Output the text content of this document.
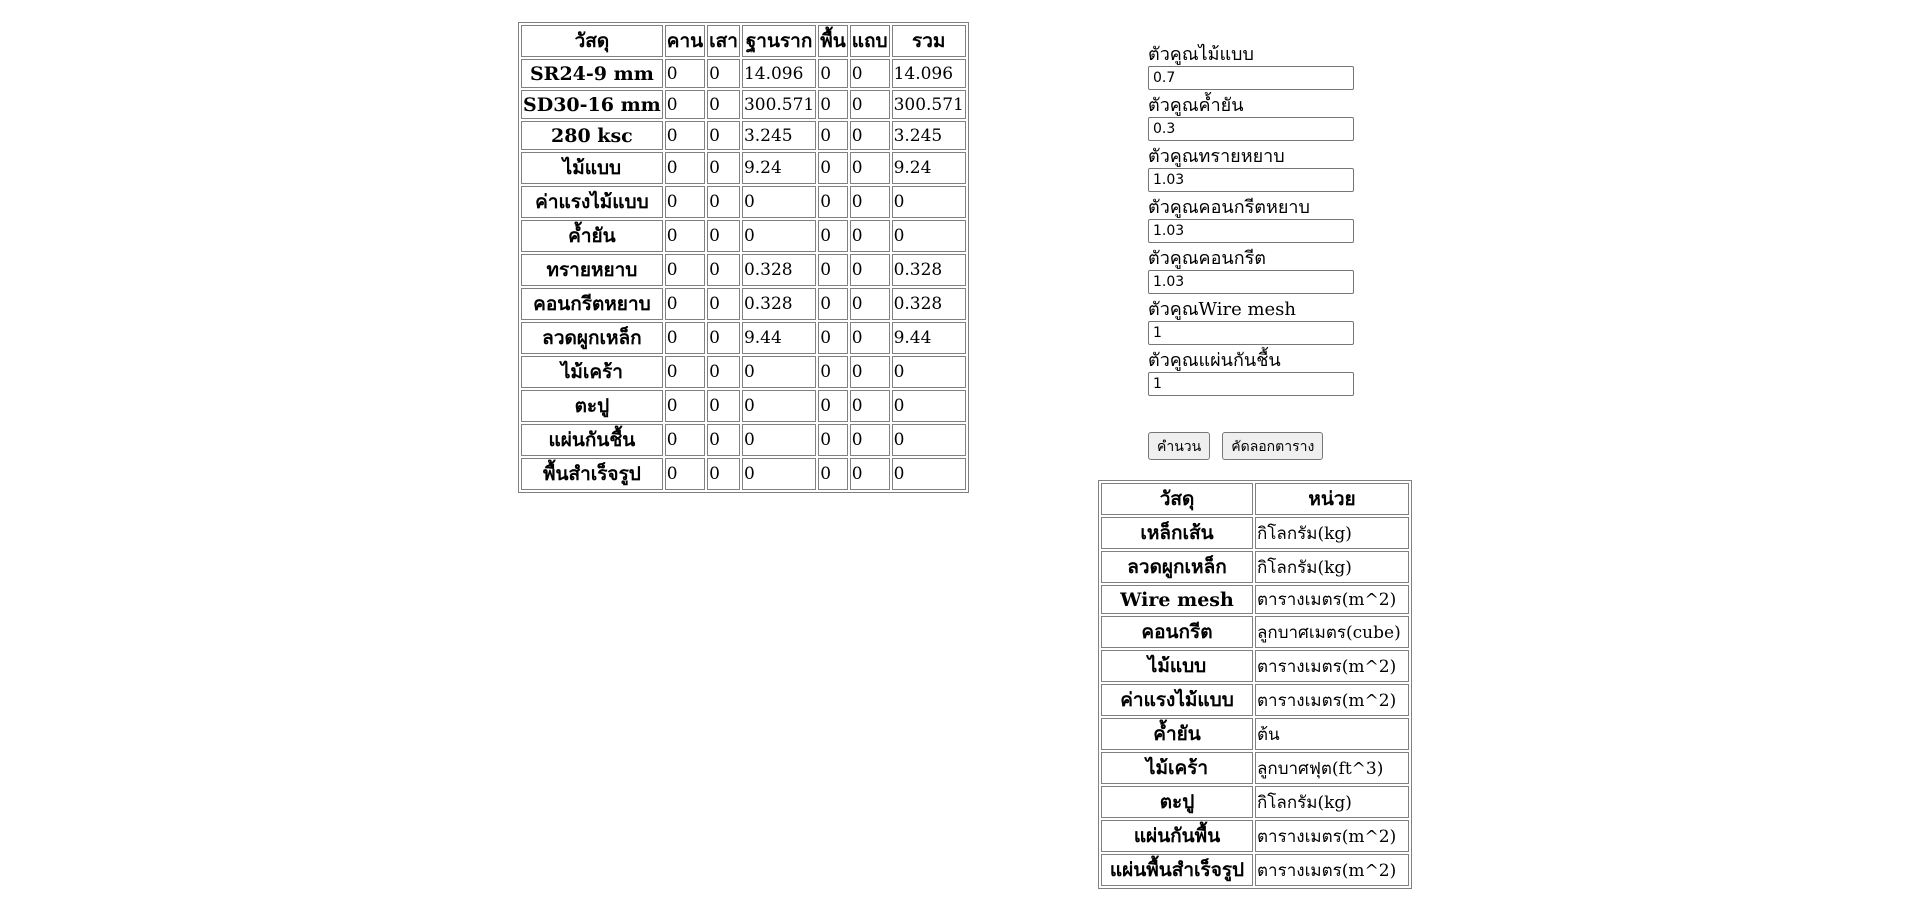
วัสดุ	คาน	เสา	ฐานราก	พื้น	แถบ	รวม
SR24-9 mm	0	0	14.096	0	0	14.096
SD30-16 mm	0	0	300.571	0	0	300.571
280 ksc	0	0	3.245	0	0	3.245
ไม้แบบ	0	0	9.24	0	0	9.24
ค่าแรงไม้แบบ	0	0	0	0	0	0
ค้ำยัน	0	0	0	0	0	0
ทรายหยาบ	0	0	0.328	0	0	0.328
คอนกรีตหยาบ	0	0	0.328	0	0	0.328
ลวดผูกเหล็ก	0	0	9.44	0	0	9.44
ไม้เคร้า	0	0	0	0	0	0
ตะปู	0	0	0	0	0	0
แผ่นกันชื้น	0	0	0	0	0	0
พื้นสำเร็จรูป	0	0	0	0	0	0
ตัวคูณไม้แบบ
0.7
ตัวคูณค้ำยัน
0.3
ตัวคูณทรายหยาบ
1.03
ตัวคูณคอนกรีตหยาบ
1.03
ตัวคูณคอนกรีต
1.03
ตัวคูณWire mesh
1
ตัวคูณแผ่นกันชื้น
1
คำนวน คัดลอกตาราง
วัสดุ	หน่วย
เหล็กเส้น	กิโลกรัม(kg)
ลวดผูกเหล็ก	กิโลกรัม(kg)
Wire mesh	ตารางเมตร(m^2)
คอนกรีต	ลูกบาศเมตร(cube)
ไม้แบบ	ตารางเมตร(m^2)
ค่าแรงไม้แบบ	ตารางเมตร(m^2)
ค้ำยัน	ต้น
ไม้เคร้า	ลูกบาศฟุต(ft^3)
ตะปู	กิโลกรัม(kg)
แผ่นกันพื้น	ตารางเมตร(m^2)
แผ่นพื้นสำเร็จรูป	ตารางเมตร(m^2)
